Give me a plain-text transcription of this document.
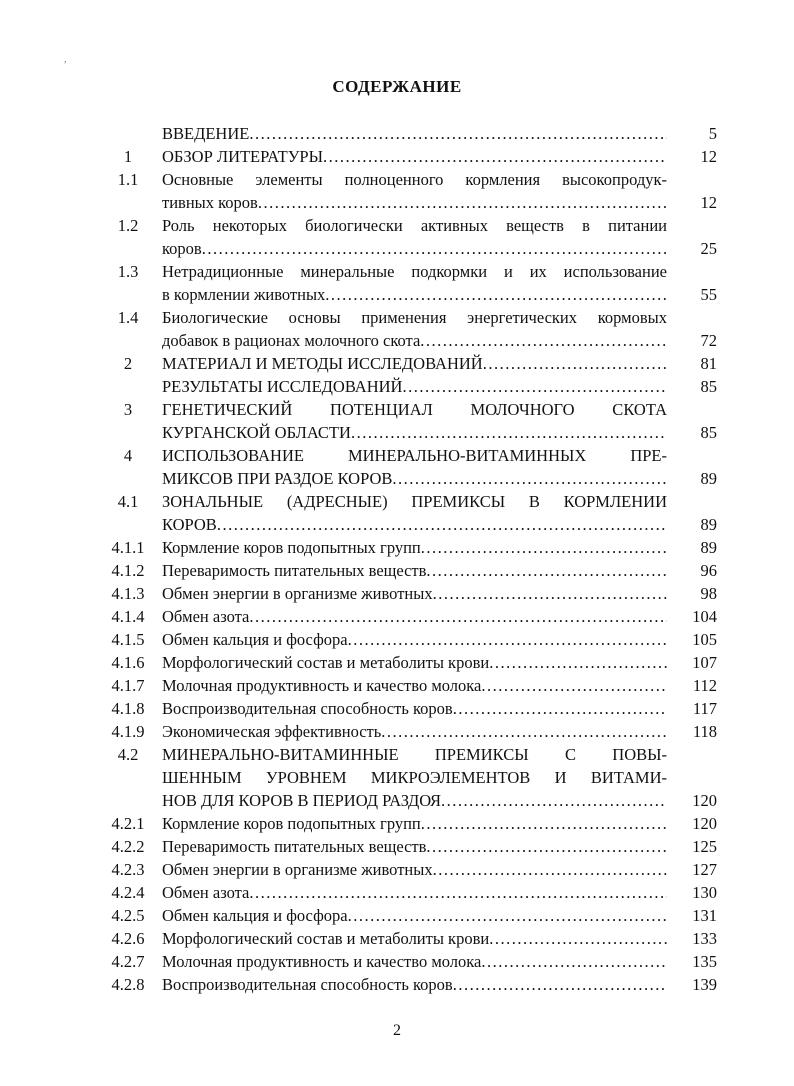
,
СОДЕРЖАНИЕ
ВВЕДЕНИЕ .....	5
1	ОБЗОР ЛИТЕРАТУРЫ .....	12
1.1	Основные элементы полноценного кормления высокопродук-
тивных коров .....	12
1.2	Роль некоторых биологически активных веществ в питании
коров .....	25
1.3	Нетрадиционные минеральные подкормки и их использование
в кормлении животных .....	55
1.4	Биологические основы применения энергетических кормовых
добавок в рационах молочного скота .....	72
2	МАТЕРИАЛ И МЕТОДЫ ИССЛЕДОВАНИЙ .....	81
РЕЗУЛЬТАТЫ ИССЛЕДОВАНИЙ .....	85
3	ГЕНЕТИЧЕСКИЙ ПОТЕНЦИАЛ МОЛОЧНОГО СКОТА
КУРГАНСКОЙ ОБЛАСТИ .....	85
4	ИСПОЛЬЗОВАНИЕ МИНЕРАЛЬНО-ВИТАМИННЫХ ПРЕ-
МИКСОВ ПРИ РАЗДОЕ КОРОВ .....	89
4.1	ЗОНАЛЬНЫЕ (АДРЕСНЫЕ) ПРЕМИКСЫ В КОРМЛЕНИИ
КОРОВ .....	89
4.1.1	Кормление коров подопытных групп .....	89
4.1.2	Переваримость питательных веществ .....	96
4.1.3	Обмен энергии в организме животных .....	98
4.1.4	Обмен азота .....	104
4.1.5	Обмен кальция и фосфора .....	105
4.1.6	Морфологический состав и метаболиты крови .....	107
4.1.7	Молочная продуктивность и качество молока .....	112
4.1.8	Воспроизводительная способность коров .....	117
4.1.9	Экономическая эффективность .....	118
4.2	МИНЕРАЛЬНО-ВИТАМИННЫЕ ПРЕМИКСЫ С ПОВЫ-
ШЕННЫМ УРОВНЕМ МИКРОЭЛЕМЕНТОВ И ВИТАМИ-
НОВ ДЛЯ КОРОВ В ПЕРИОД РАЗДОЯ .....	120
4.2.1	Кормление коров подопытных групп .....	120
4.2.2	Переваримость питательных веществ .....	125
4.2.3	Обмен энергии в организме животных .....	127
4.2.4	Обмен азота .....	130
4.2.5	Обмен кальция и фосфора .....	131
4.2.6	Морфологический состав и метаболиты крови .....	133
4.2.7	Молочная продуктивность и качество молока .....	135
4.2.8	Воспроизводительная способность коров .....	139
2
